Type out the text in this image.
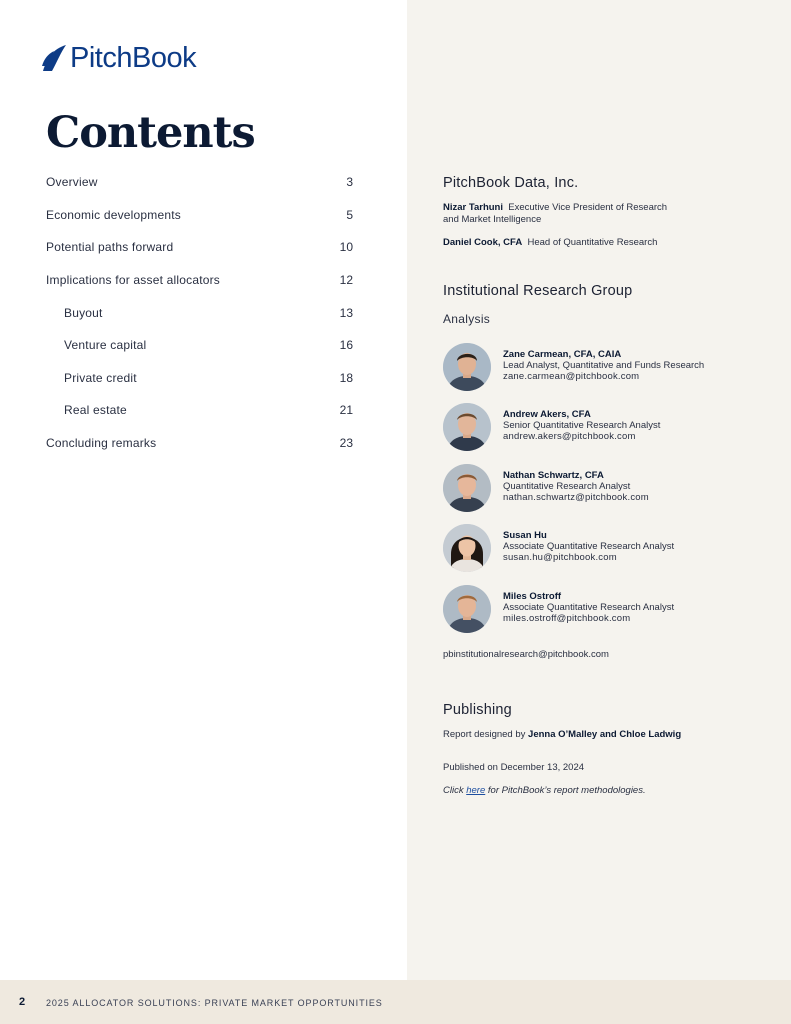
PitchBook
Contents
Overview	3
Economic developments	5
Potential paths forward	10
Implications for asset allocators	12
Buyout	13
Venture capital	16
Private credit	18
Real estate	21
Concluding remarks	23
PitchBook Data, Inc.
Nizar Tarhuni Executive Vice President of Research
and Market Intelligence
Daniel Cook, CFA Head of Quantitative Research
Institutional Research Group
Analysis
Zane Carmean, CFA, CAIA
Lead Analyst, Quantitative and Funds Research
zane.carmean@pitchbook.com
Andrew Akers, CFA
Senior Quantitative Research Analyst
andrew.akers@pitchbook.com
Nathan Schwartz, CFA
Quantitative Research Analyst
nathan.schwartz@pitchbook.com
Susan Hu
Associate Quantitative Research Analyst
susan.hu@pitchbook.com
Miles Ostroff
Associate Quantitative Research Analyst
miles.ostroff@pitchbook.com
pbinstitutionalresearch@pitchbook.com
Publishing
Report designed by Jenna O’Malley and Chloe Ladwig
Published on December 13, 2024
Click here for PitchBook’s report methodologies.
2 2025 ALLOCATOR SOLUTIONS: PRIVATE MARKET OPPORTUNITIES
